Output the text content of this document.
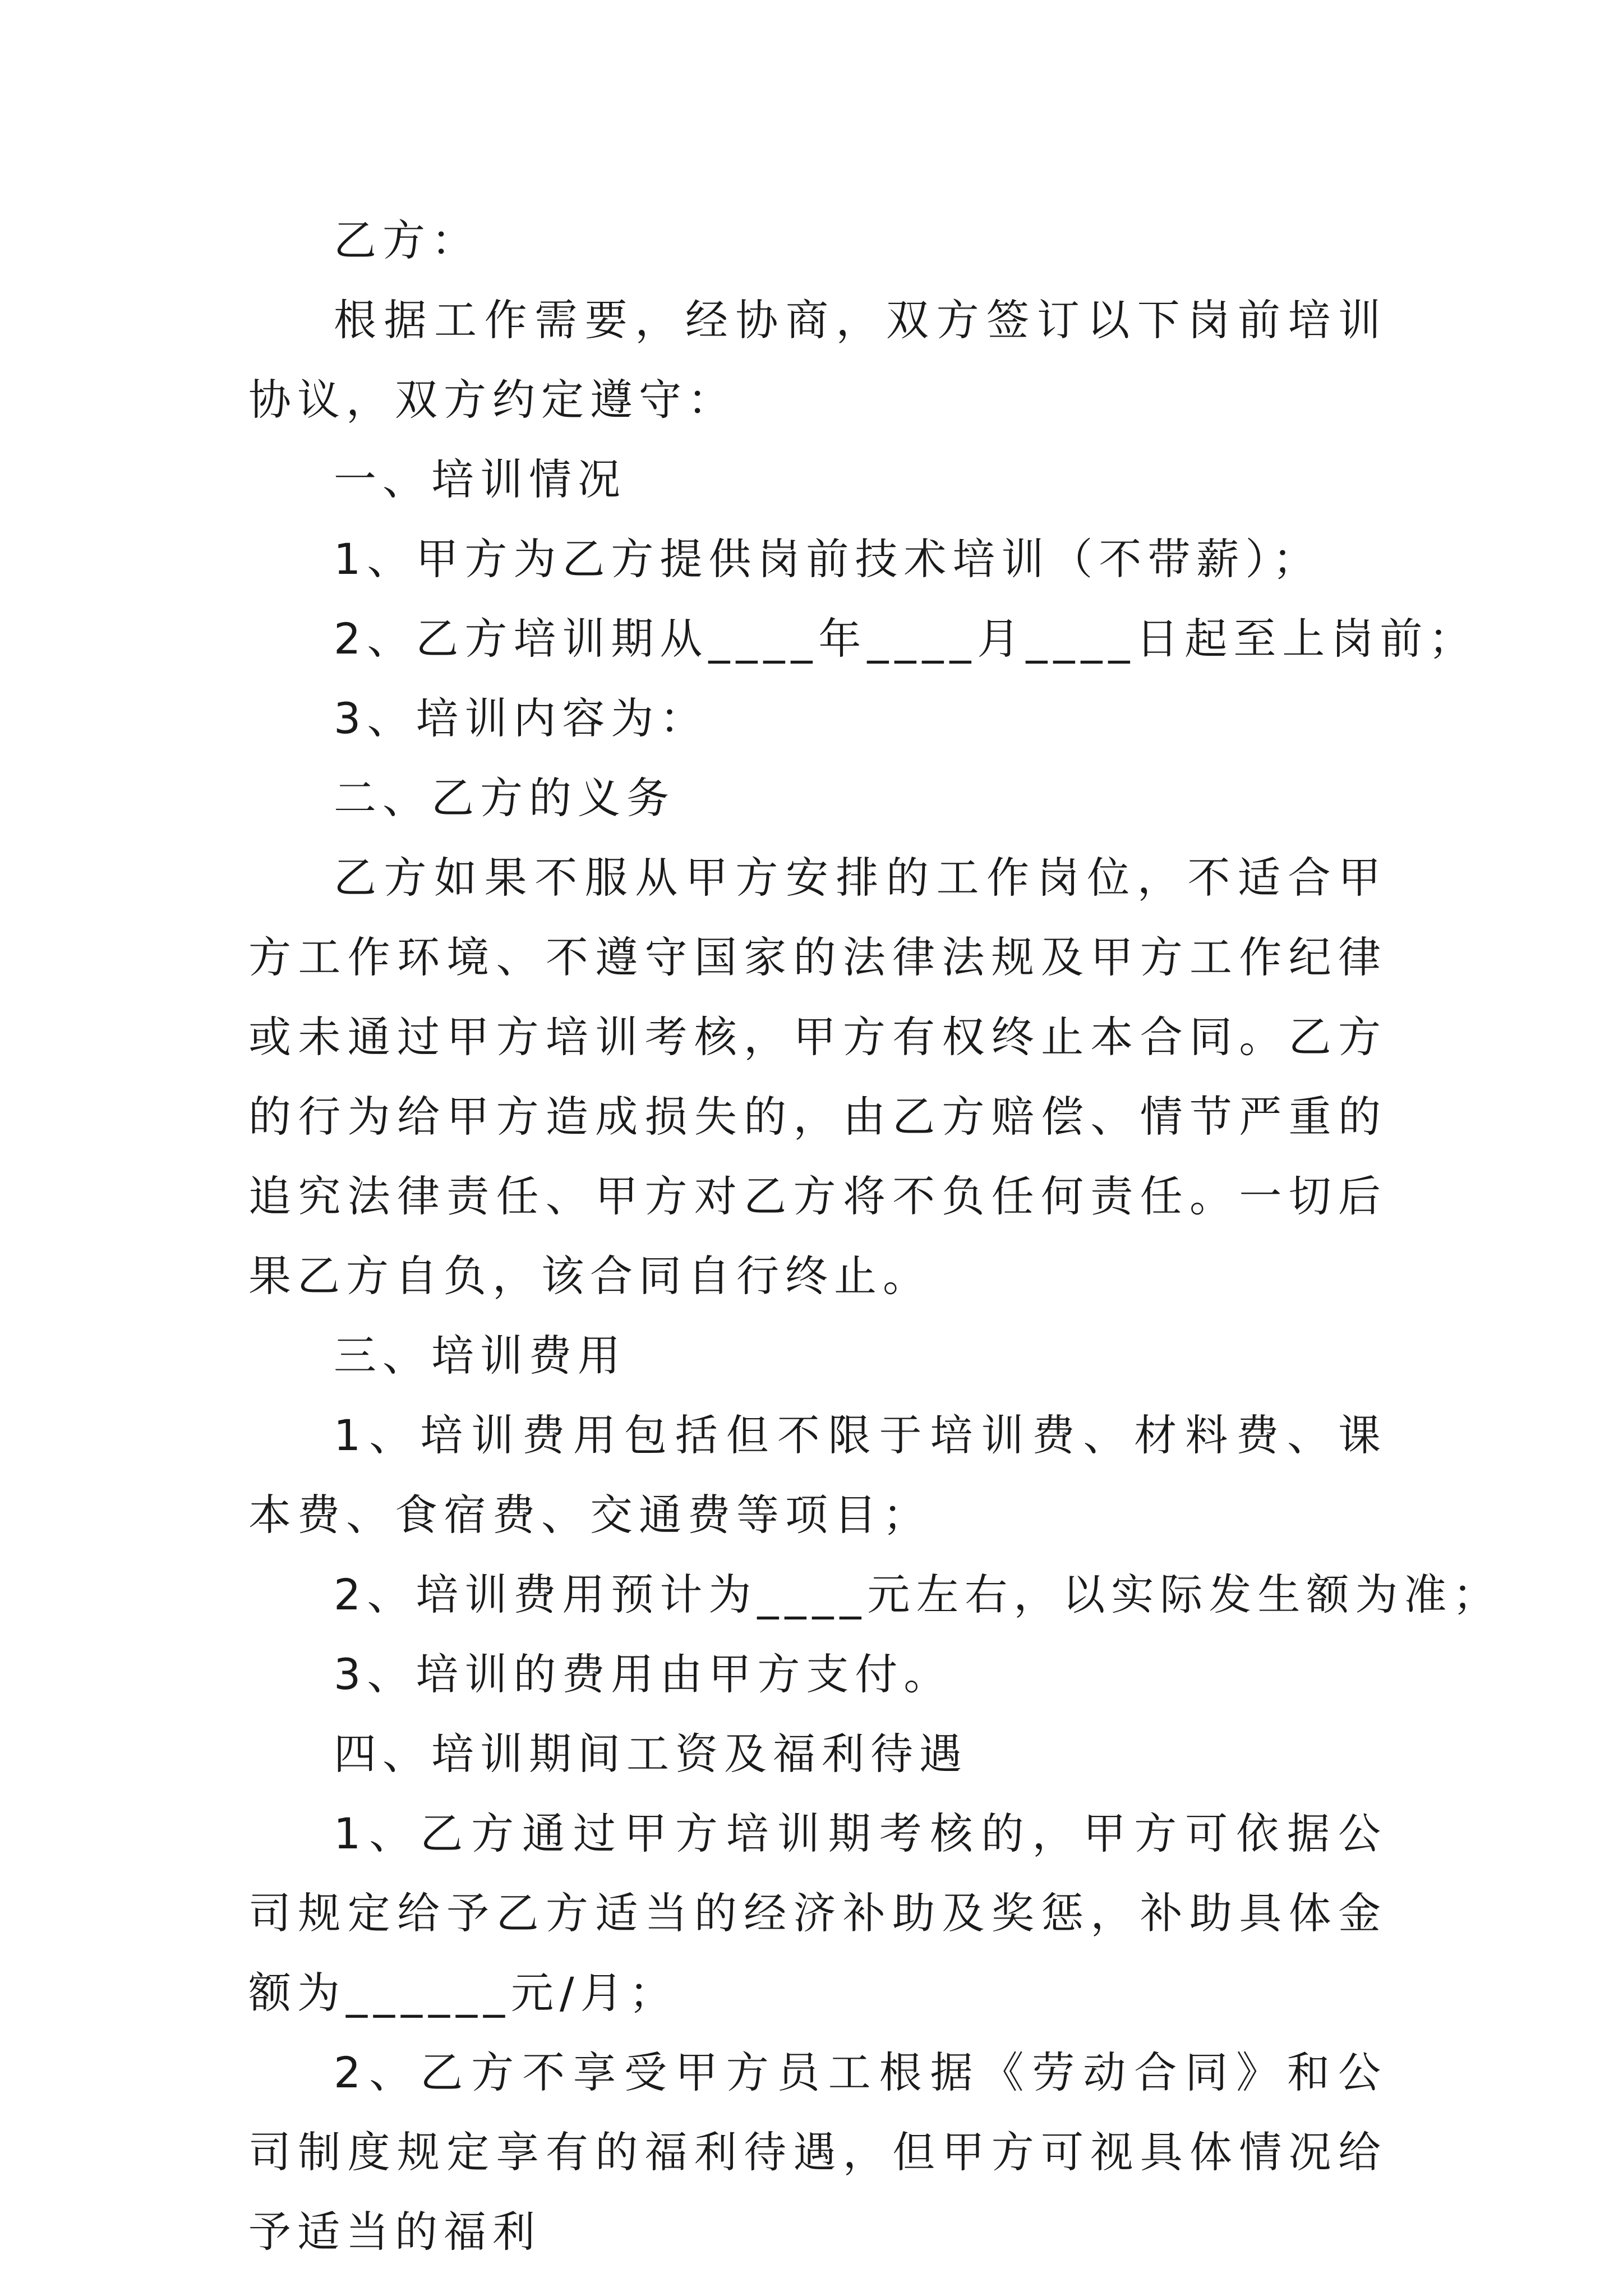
乙方：

根据工作需要，经协商，双方签订以下岗前培训协议，双方约定遵守：

一、培训情况

1、甲方为乙方提供岗前技术培训（不带薪）；

2、乙方培训期从____年____月____日起至上岗前；

3、培训内容为：

二、乙方的义务

乙方如果不服从甲方安排的工作岗位，不适合甲方工作环境、不遵守国家的法律法规及甲方工作纪律或未通过甲方培训考核，甲方有权终止本合同。乙方的行为给甲方造成损失的，由乙方赔偿、情节严重的追究法律责任、甲方对乙方将不负任何责任。一切后果乙方自负，该合同自行终止。

三、培训费用

1、培训费用包括但不限于培训费、材料费、课本费、食宿费、交通费等项目；

2、培训费用预计为____元左右，以实际发生额为准；

3、培训的费用由甲方支付。

四、培训期间工资及福利待遇

1、乙方通过甲方培训期考核的，甲方可依据公司规定给予乙方适当的经济补助及奖惩，补助具体金额为______元/月；

2、乙方不享受甲方员工根据《劳动合同》和公司制度规定享有的福利待遇，但甲方可视具体情况给予适当的福利
